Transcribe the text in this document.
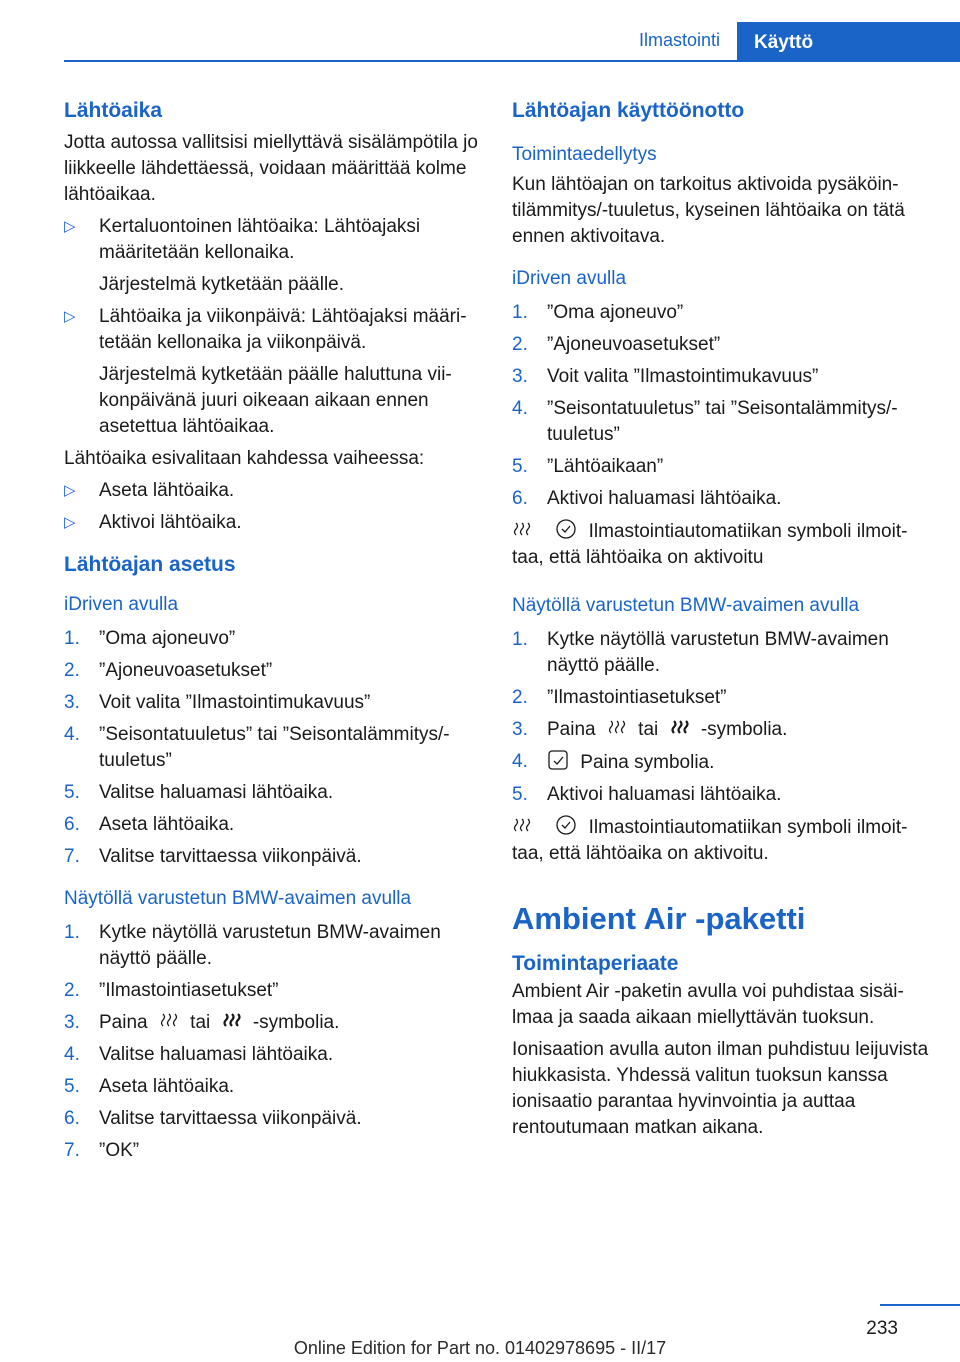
Ilmastointi	Käyttö
Lähtöaika

Jotta autossa vallitsisi miellyttävä sisälämpötila jo liikkeelle lähdettäessä, voidaan määrittää kolme lähtöaikaa.

▷ Kertaluontoinen lähtöaika: Lähtöajaksi määritetään kellonaika.

Järjestelmä kytketään päälle.

▷ Lähtöaika ja viikonpäivä: Lähtöajaksi määritetään kellonaika ja viikonpäivä.

Järjestelmä kytketään päälle haluttuna viikonpäivänä juuri oikeaan aikaan ennen asetettua lähtöaikaa.

Lähtöaika esivalitaan kahdessa vaiheessa:

▷ Aseta lähtöaika.
▷ Aktivoi lähtöaika.
Lähtöajan asetus
iDriven avulla
1. ”Oma ajoneuvo”
2. ”Ajoneuvoasetukset”
3. Voit valita ”Ilmastointimukavuus”
4. ”Seisontatuuletus” tai ”Seisontalämmitys/-tuuletus”
5. Valitse haluamasi lähtöaika.
6. Aseta lähtöaika.
7. Valitse tarvittaessa viikonpäivä.
Näytöllä varustetun BMW-avaimen avulla
1. Kytke näytöllä varustetun BMW-avaimen näyttö päälle.
2. ”Ilmastointiasetukset”
3. Paina tai -symbolia.
4. Valitse haluamasi lähtöaika.
5. Aseta lähtöaika.
6. Valitse tarvittaessa viikonpäivä.
7. ”OK”
Lähtöajan käyttöönotto
Toimintaedellytys

Kun lähtöajan on tarkoitus aktivoida pysäköintilämmitys/-tuuletus, kyseinen lähtöaika on tätä ennen aktivoitava.

iDriven avulla
1. ”Oma ajoneuvo”
2. ”Ajoneuvoasetukset”
3. Voit valita ”Ilmastointimukavuus”
4. ”Seisontatuuletus” tai ”Seisontalämmitys/-tuuletus”
5. ”Lähtöaikaan”
6. Aktivoi haluamasi lähtöaika.

Ilmastointiautomatiikan symboli ilmoittaa, että lähtöaika on aktivoitu

Näytöllä varustetun BMW-avaimen avulla
1. Kytke näytöllä varustetun BMW-avaimen näyttö päälle.
2. ”Ilmastointiasetukset”
3. Paina tai -symbolia.
4.	Paina symbolia.
5. Aktivoi haluamasi lähtöaika.

Ilmastointiautomatiikan symboli ilmoittaa, että lähtöaika on aktivoitu.

Ambient Air -paketti
Toimintaperiaate

Ambient Air -paketin avulla voi puhdistaa sisäilmaa ja saada aikaan miellyttävän tuoksun.

Ionisaation avulla auton ilman puhdistuu leijuvista hiukkasista. Yhdessä valitun tuoksun kanssa ionisaatio parantaa hyvinvointia ja auttaa rentoutumaan matkan aikana.

233
Online Edition for Part no. 01402978695 - II/17
